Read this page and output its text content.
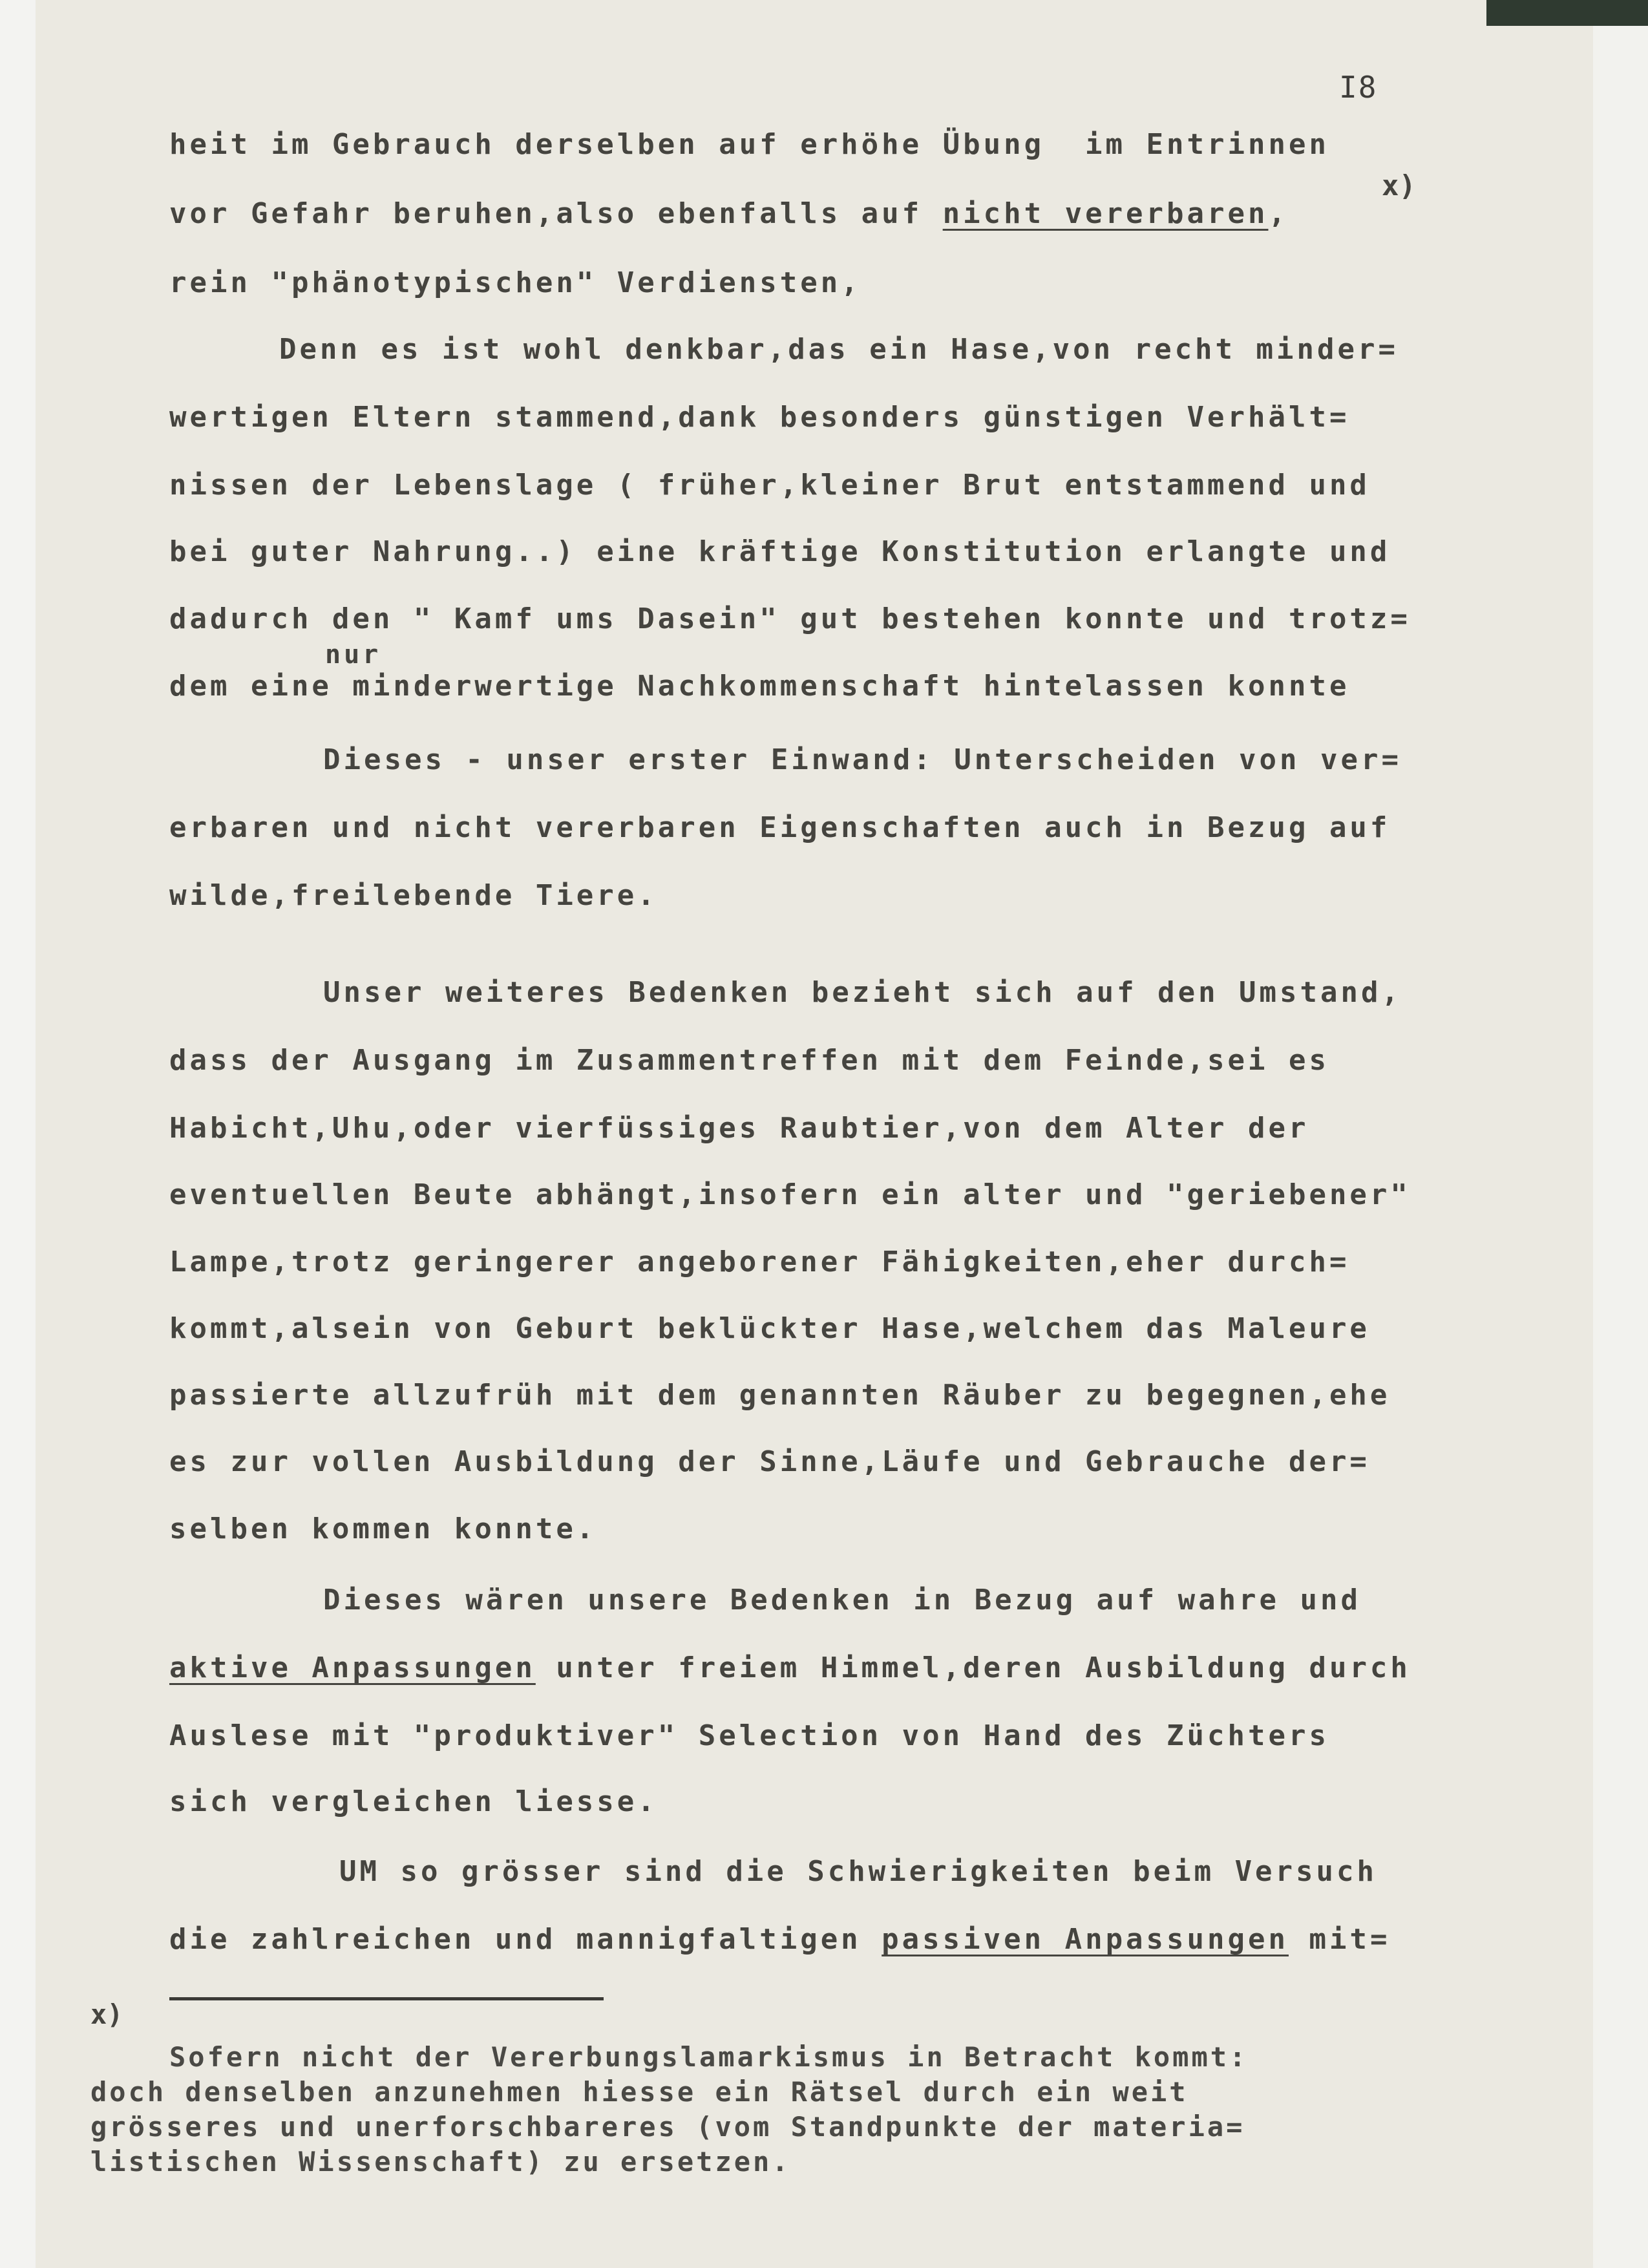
I8
heit im Gebrauch derselben auf erhöhe Übung  im Entrinnen
x)
vor Gefahr beruhen,also ebenfalls auf nicht vererbaren,
rein "phänotypischen" Verdiensten,
Denn es ist wohl denkbar,das ein Hase,von recht minder=
wertigen Eltern stammend,dank besonders günstigen Verhält=
nissen der Lebenslage ( früher,kleiner Brut entstammend und
bei guter Nahrung..) eine kräftige Konstitution erlangte und
dadurch den " Kamf ums Dasein" gut bestehen konnte und trotz=
nur
dem eine minderwertige Nachkommenschaft hintelassen konnte
Dieses - unser erster Einwand: Unterscheiden von ver=
erbaren und nicht vererbaren Eigenschaften auch in Bezug auf
wilde,freilebende Tiere.
Unser weiteres Bedenken bezieht sich auf den Umstand,
dass der Ausgang im Zusammentreffen mit dem Feinde,sei es
Habicht,Uhu,oder vierfüssiges Raubtier,von dem Alter der
eventuellen Beute abhängt,insofern ein alter und "geriebener"
Lampe,trotz geringerer angeborener Fähigkeiten,eher durch=
kommt,alsein von Geburt beklückter Hase,welchem das Maleure
passierte allzufrüh mit dem genannten Räuber zu begegnen,ehe
es zur vollen Ausbildung der Sinne,Läufe und Gebrauche der=
selben kommen konnte.
Dieses wären unsere Bedenken in Bezug auf wahre und
aktive Anpassungen unter freiem Himmel,deren Ausbildung durch
Auslese mit "produktiver" Selection von Hand des Züchters
sich vergleichen liesse.
UM so grösser sind die Schwierigkeiten beim Versuch
die zahlreichen und mannigfaltigen passiven Anpassungen mit=
x)
Sofern nicht der Vererbungslamarkismus in Betracht kommt:
doch denselben anzunehmen hiesse ein Rätsel durch ein weit
grösseres und unerforschbareres (vom Standpunkte der materia=
listischen Wissenschaft) zu ersetzen.
